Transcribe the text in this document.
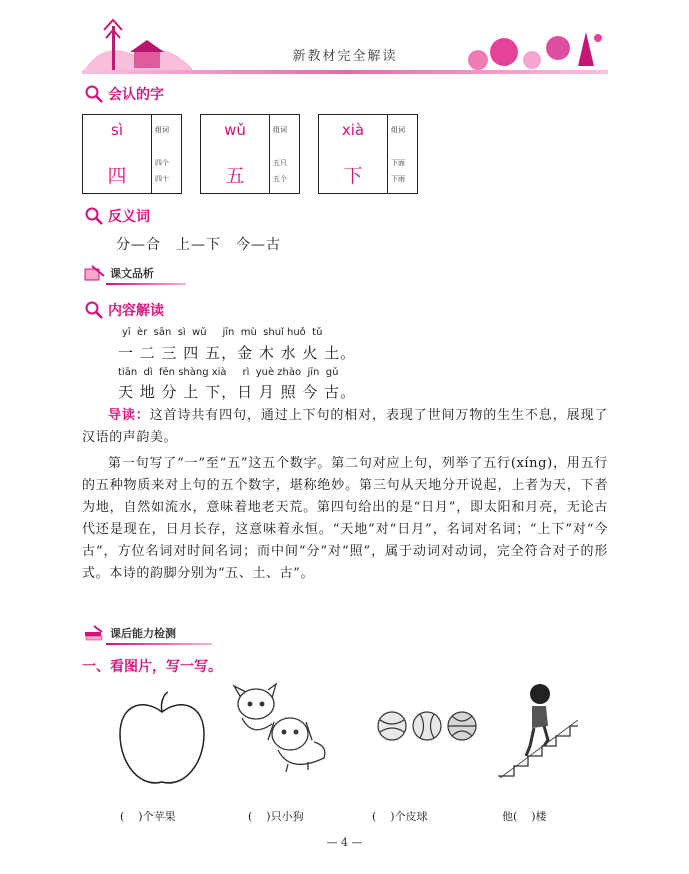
新教材完全解读
会认的字
sì
四
组词
四个
四十
wǔ
五
组词
五只
五个
xià
下
组词
下面
下雨
反义词
分—合　上—下　今—古
课文品析
内容解读
yī  èr  sān  sì  wǔ     jīn  mù  shuǐ huǒ  tǔ
一 二 三 四 五，金 木 水 火 土。
tiān  dì  fēn shàng xià     rì  yuè zhào  jīn  gǔ
天 地 分 上 下，日 月 照 今 古。
导读：这首诗共有四句，通过上下句的相对，表现了世间万物的生生不息，展现了汉语的声韵美。
第一句写了“一”至“五”这五个数字。第二句对应上句，列举了五行(xíng)，用五行的五种物质来对上句的五个数字，堪称绝妙。第三句从天地分开说起，上者为天，下者为地，自然如流水，意味着地老天荒。第四句给出的是“日月”，即太阳和月亮，无论古代还是现在，日月长存，这意味着永恒。“天地”对“日月”，名词对名词；“上下”对“今古”，方位名词对时间名词；而中间“分”对“照”，属于动词对动词，完全符合对子的形式。本诗的韵脚分别为“五、土、古”。
课后能力检测
一、看图片，写一写。
(    )个苹果	(    )只小狗	(    )个皮球	他(    )楼
— 4 —
